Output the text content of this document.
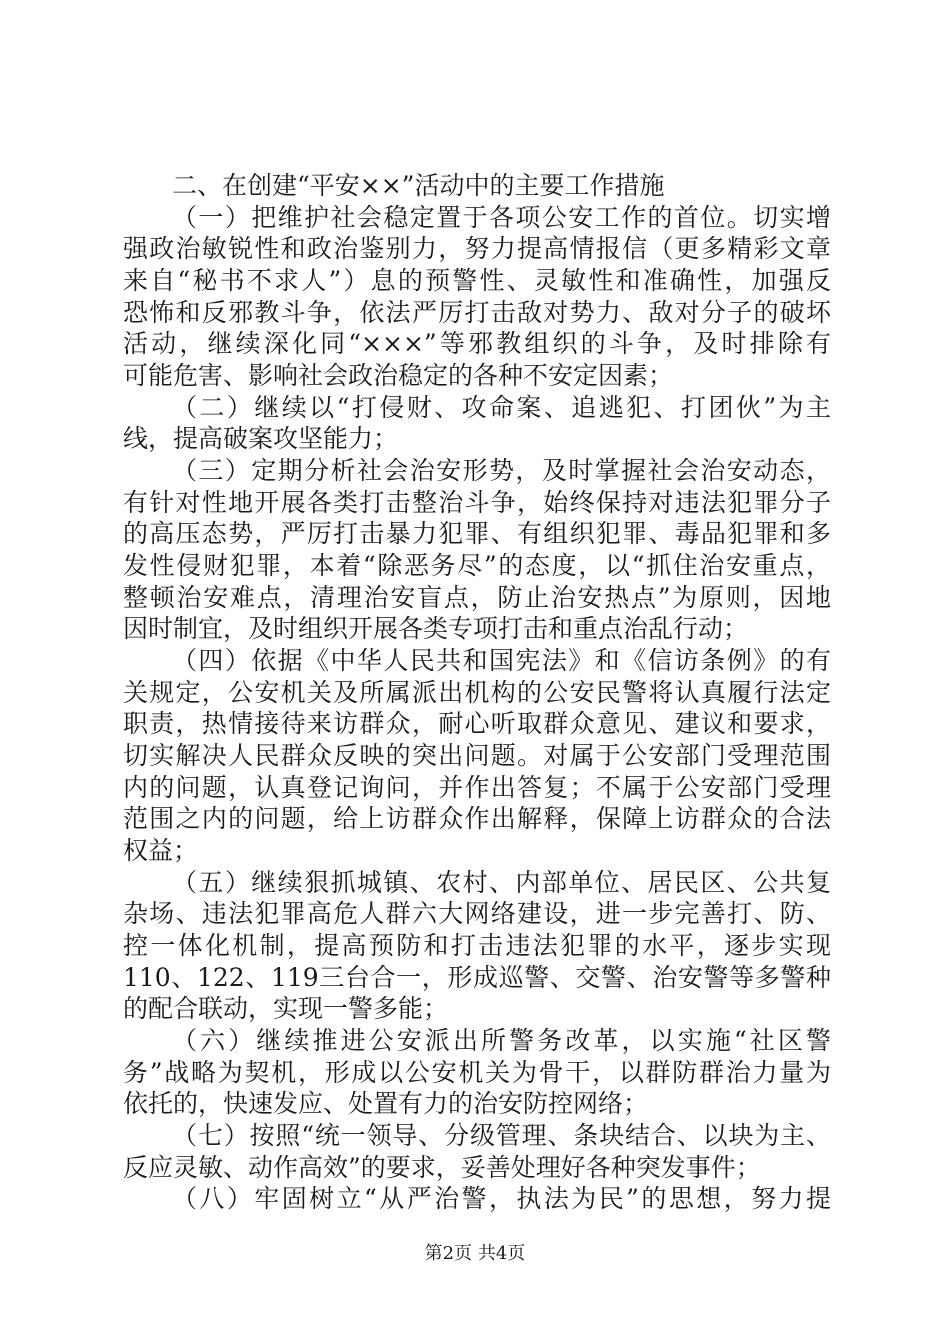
二、在创建“平安××”活动中的主要工作措施
（一）把维护社会稳定置于各项公安工作的首位。切实增
强政治敏锐性和政治鉴别力，努力提高情报信（更多精彩文章
来自“秘书不求人”）息的预警性、灵敏性和准确性，加强反
恐怖和反邪教斗争，依法严厉打击敌对势力、敌对分子的破坏
活动，继续深化同“×××”等邪教组织的斗争，及时排除有
可能危害、影响社会政治稳定的各种不安定因素；
（二）继续以“打侵财、攻命案、追逃犯、打团伙”为主
线，提高破案攻坚能力；
（三）定期分析社会治安形势，及时掌握社会治安动态，
有针对性地开展各类打击整治斗争，始终保持对违法犯罪分子
的高压态势，严厉打击暴力犯罪、有组织犯罪、毒品犯罪和多
发性侵财犯罪，本着“除恶务尽”的态度，以“抓住治安重点，
整顿治安难点，清理治安盲点，防止治安热点”为原则，因地
因时制宜，及时组织开展各类专项打击和重点治乱行动；
（四）依据《中华人民共和国宪法》和《信访条例》的有
关规定，公安机关及所属派出机构的公安民警将认真履行法定
职责，热情接待来访群众，耐心听取群众意见、建议和要求，
切实解决人民群众反映的突出问题。对属于公安部门受理范围
内的问题，认真登记询问，并作出答复；不属于公安部门受理
范围之内的问题，给上访群众作出解释，保障上访群众的合法
权益；
（五）继续狠抓城镇、农村、内部单位、居民区、公共复
杂场、违法犯罪高危人群六大网络建设，进一步完善打、防、
控一体化机制，提高预防和打击违法犯罪的水平，逐步实现
110、122、119三台合一，形成巡警、交警、治安警等多警种
的配合联动，实现一警多能；
（六）继续推进公安派出所警务改革，以实施“社区警
务”战略为契机，形成以公安机关为骨干，以群防群治力量为
依托的，快速发应、处置有力的治安防控网络；
（七）按照“统一领导、分级管理、条块结合、以块为主、
反应灵敏、动作高效”的要求，妥善处理好各种突发事件；
（八）牢固树立“从严治警，执法为民”的思想，努力提
第2页 共4页
